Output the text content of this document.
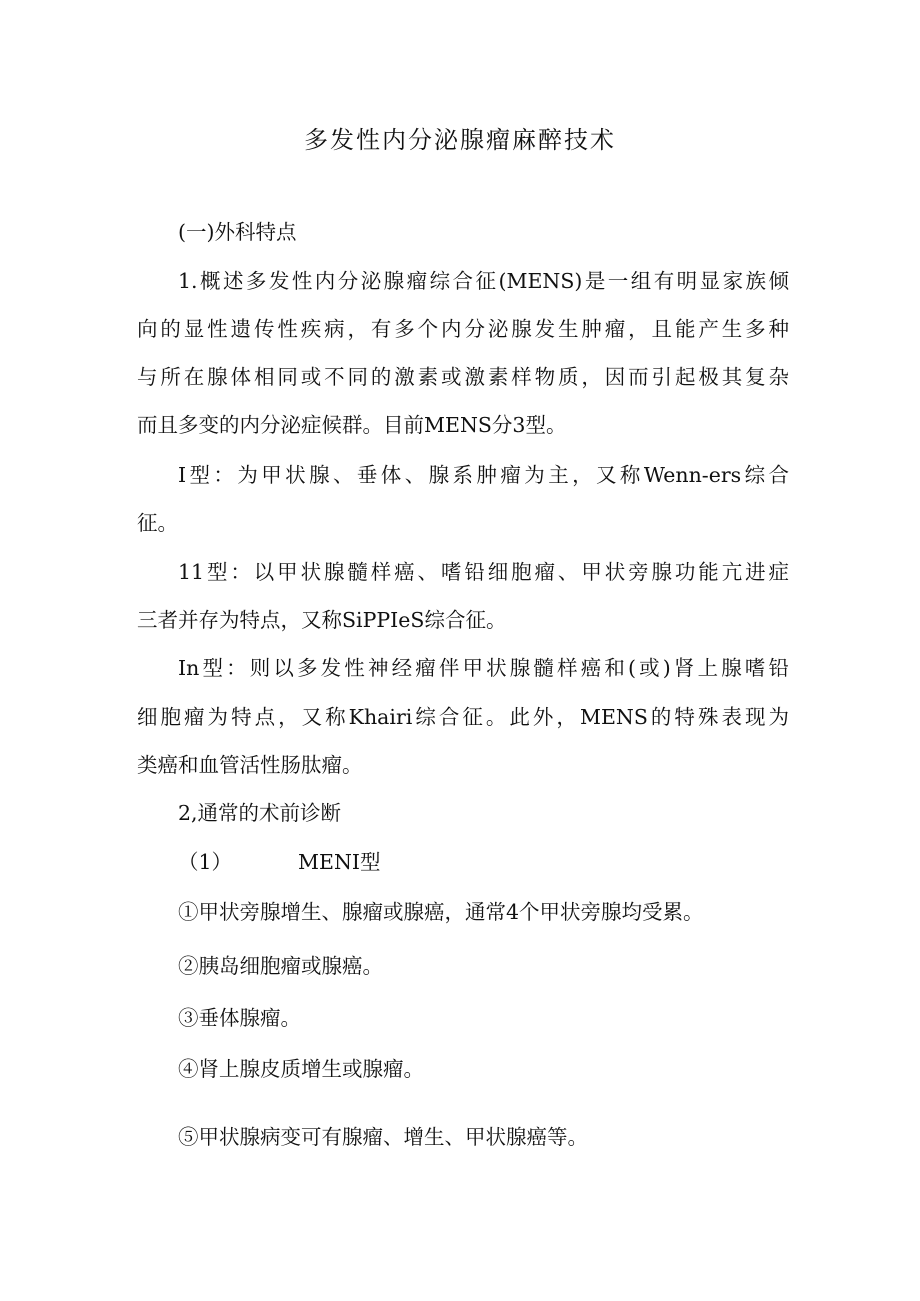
多发性内分泌腺瘤麻醉技术
(一)外科特点
1.概述多发性内分泌腺瘤综合征(MENS)是一组有明显家族倾
向的显性遗传性疾病，有多个内分泌腺发生肿瘤，且能产生多种
与所在腺体相同或不同的激素或激素样物质，因而引起极其复杂
而且多变的内分泌症候群。目前MENS分3型。
I型：为甲状腺、垂体、腺系肿瘤为主，又称Wenn-ers综合
征。
11型：以甲状腺髓样癌、嗜铅细胞瘤、甲状旁腺功能亢进症
三者并存为特点，又称SiPPIeS综合征。
In型：则以多发性神经瘤伴甲状腺髓样癌和(或)肾上腺嗜铅
细胞瘤为特点，又称Khairi综合征。此外，MENS的特殊表现为
类癌和血管活性肠肽瘤。
2,通常的术前诊断
（1）	MENI型
①甲状旁腺增生、腺瘤或腺癌，通常4个甲状旁腺均受累。
②胰岛细胞瘤或腺癌。
③垂体腺瘤。
④肾上腺皮质增生或腺瘤。
⑤甲状腺病变可有腺瘤、增生、甲状腺癌等。
